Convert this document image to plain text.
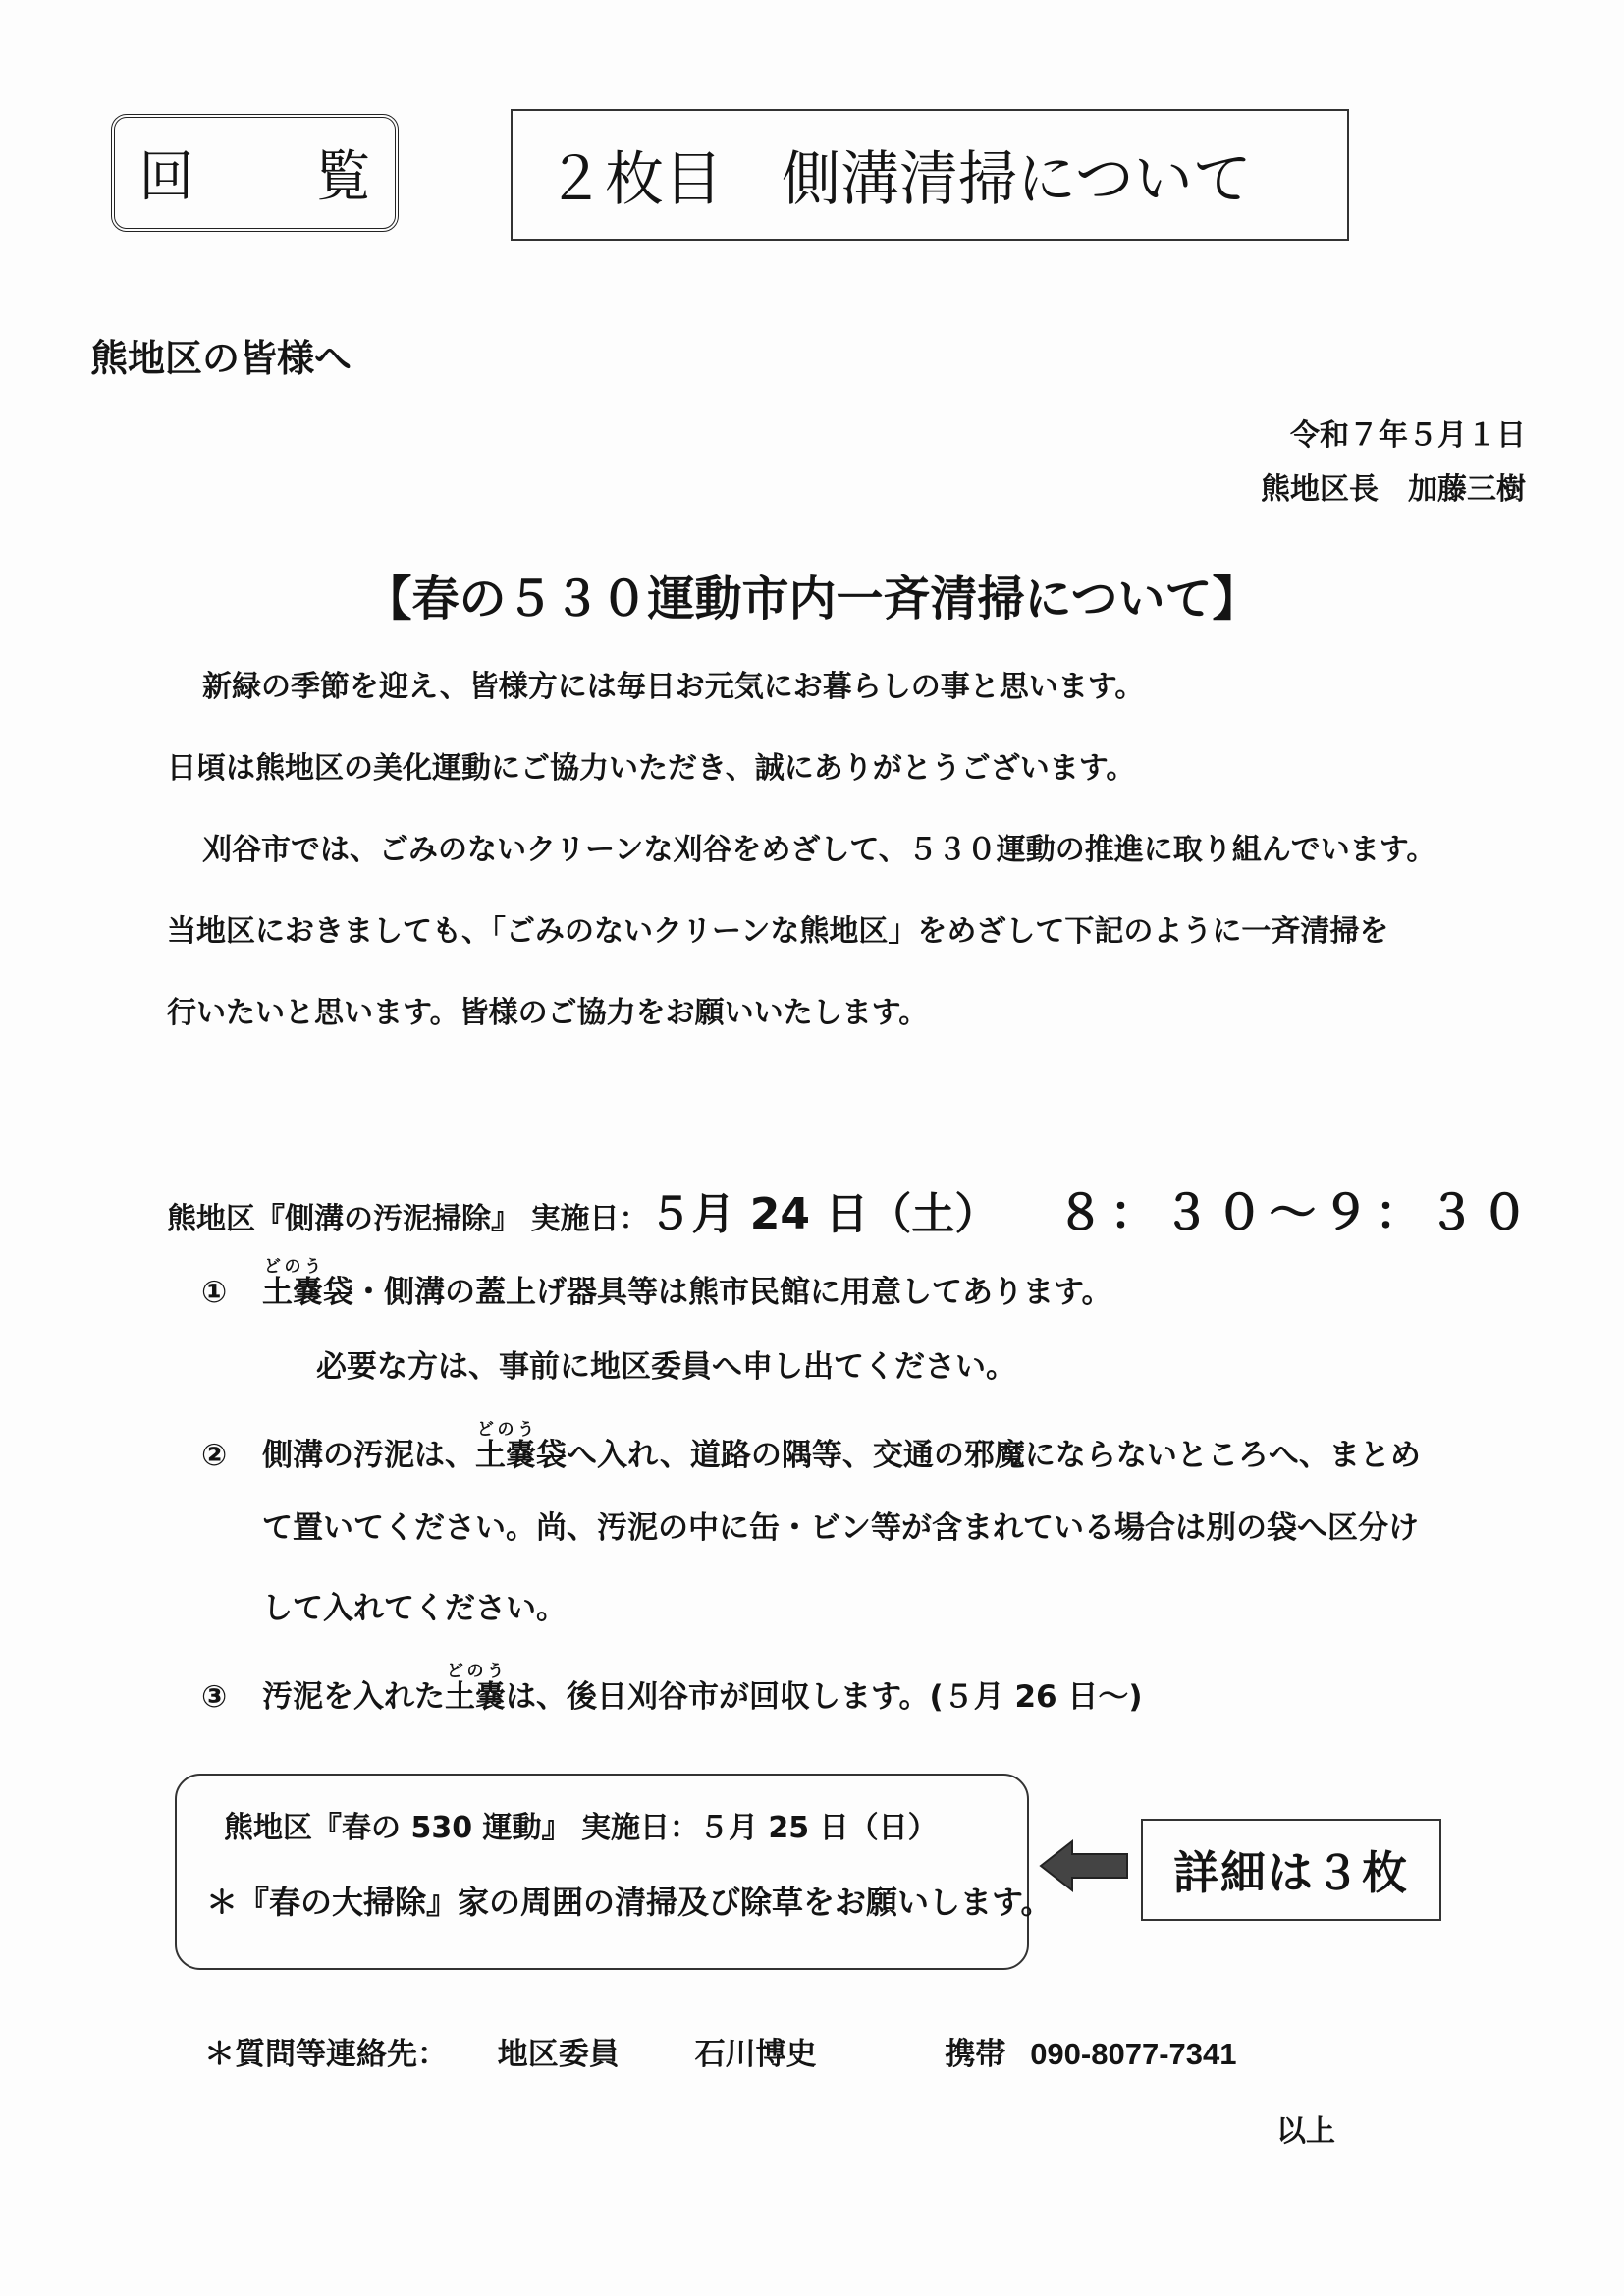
回　覧	２枚目　側溝清掃について
熊地区の皆様へ
令和７年５月１日
熊地区長　加藤三樹
【春の５３０運動市内一斉清掃について】
新緑の季節を迎え、皆様方には毎日お元気にお暮らしの事と思います。
日頃は熊地区の美化運動にご協力いただき、誠にありがとうございます。
刈谷市では、ごみのないクリーンな刈谷をめざして、５３０運動の推進に取り組んでいます。
当地区におきましても、「ごみのないクリーンな熊地区」をめざして下記のように一斉清掃を
行いたいと思います。皆様のご協力をお願いいたします。
熊地区『側溝の汚泥掃除』 実施日：５月 24 日（土） ８：３０～９：３０
① 土嚢どのう袋・側溝の蓋上げ器具等は熊市民館に用意してあります。
必要な方は、事前に地区委員へ申し出てください。
② 側溝の汚泥は、土嚢どのう袋へ入れ、道路の隅等、交通の邪魔にならないところへ、まとめ
て置いてください。尚、汚泥の中に缶・ビン等が含まれている場合は別の袋へ区分け
して入れてください。
③ 汚泥を入れた土嚢どのうは、後日刈谷市が回収します。(５月 26 日～)
熊地区『春の 530 運動』 実施日：５月 25 日（日）
＊『春の大掃除』家の周囲の清掃及び除草をお願いします。
詳細は３枚
＊質問等連絡先： 地区委員 石川博史	携帯 090-8077-7341
以上
